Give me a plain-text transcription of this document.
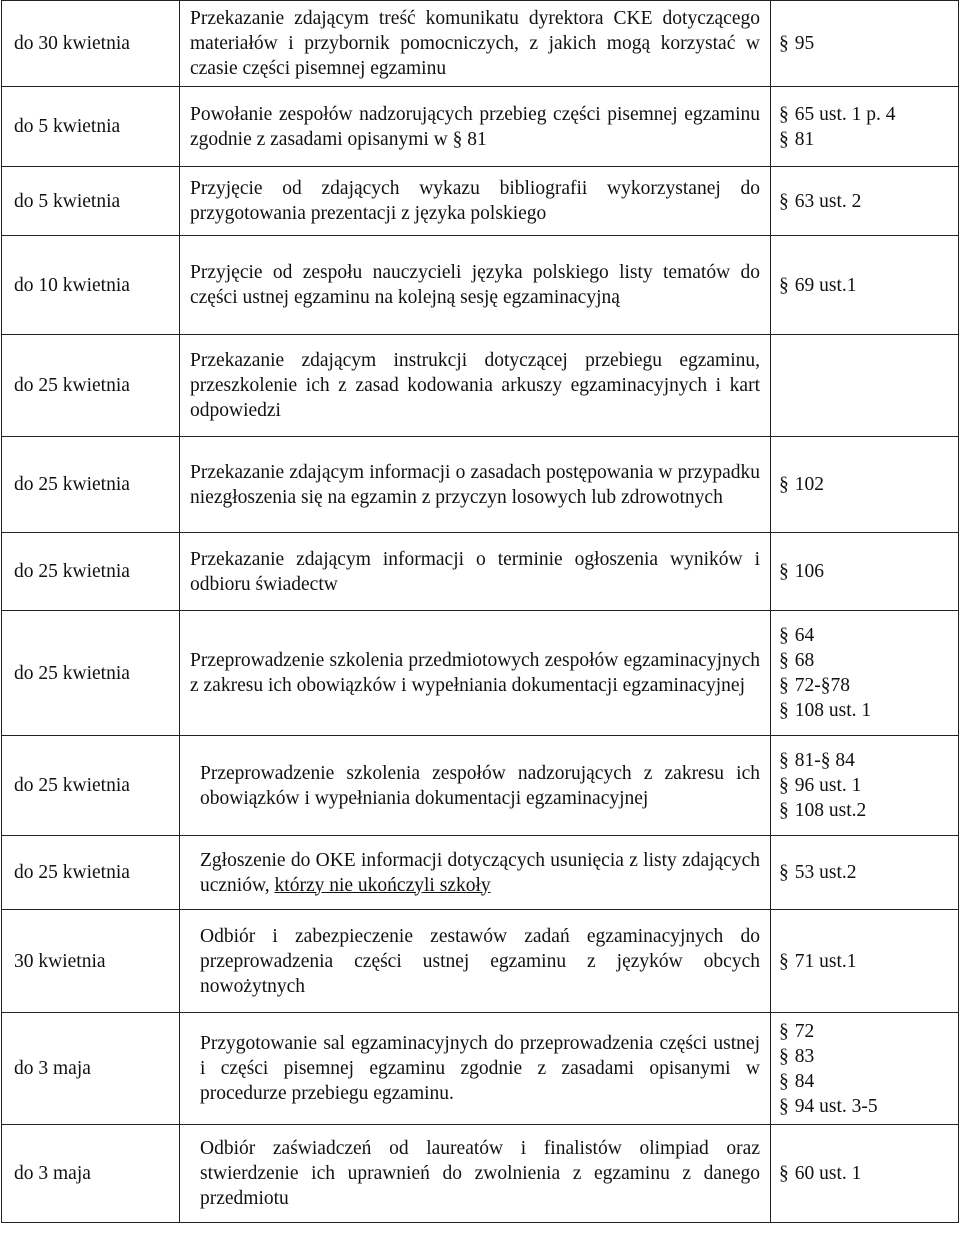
do 30 kwietnia	Przekazanie zdającym treść komunikatu dyrektora CKE dotyczącego materiałów i przybornik pomocniczych, z jakich mogą korzystać w czasie części pisemnej egzaminu	§ 95

do 5 kwietnia	Powołanie zespołów nadzorujących przebieg części pisemnej egzaminu zgodnie z zasadami opisanymi w § 81	§ 65 ust. 1 p. 4
§ 81

do 5 kwietnia	Przyjęcie od zdających wykazu bibliografii wykorzystanej do przygotowania prezentacji z języka polskiego	§ 63 ust. 2

do 10 kwietnia	Przyjęcie od zespołu nauczycieli języka polskiego listy tematów do części ustnej egzaminu na kolejną sesję egzaminacyjną	§ 69 ust.1

do 25 kwietnia	Przekazanie zdającym instrukcji dotyczącej przebiegu egzaminu, przeszkolenie ich z zasad kodowania arkuszy egzaminacyjnych i kart odpowiedzi	
do 25 kwietnia	Przekazanie zdającym informacji o zasadach postępowania w przypadku niezgłoszenia się na egzamin z przyczyn losowych lub zdrowotnych	§ 102

do 25 kwietnia	Przekazanie zdającym informacji o terminie ogłoszenia wyników i odbioru świadectw	§ 106

do 25 kwietnia	Przeprowadzenie szkolenia przedmiotowych zespołów egzaminacyjnych z zakresu ich obowiązków i wypełniania dokumentacji egzaminacyjnej	§ 64
§ 68
§ 72-§78
§ 108 ust. 1

do 25 kwietnia	Przeprowadzenie szkolenia zespołów nadzorujących z zakresu ich obowiązków i wypełniania dokumentacji egzaminacyjnej	§ 81-§ 84
§ 96 ust. 1
§ 108 ust.2

do 25 kwietnia	Zgłoszenie do OKE informacji dotyczących usunięcia z listy zdających uczniów, którzy nie ukończyli szkoły	§ 53 ust.2

30 kwietnia	Odbiór i zabezpieczenie zestawów zadań egzaminacyjnych do przeprowadzenia części ustnej egzaminu z języków obcych nowożytnych	§ 71 ust.1

do 3 maja	Przygotowanie sal egzaminacyjnych do przeprowadzenia części ustnej i części pisemnej egzaminu zgodnie z zasadami opisanymi w procedurze przebiegu egzaminu.	§ 72
§ 83
§ 84
§ 94 ust. 3-5

do 3 maja	Odbiór zaświadczeń od laureatów i finalistów olimpiad oraz stwierdzenie ich uprawnień do zwolnienia z egzaminu z danego przedmiotu	§ 60 ust. 1
